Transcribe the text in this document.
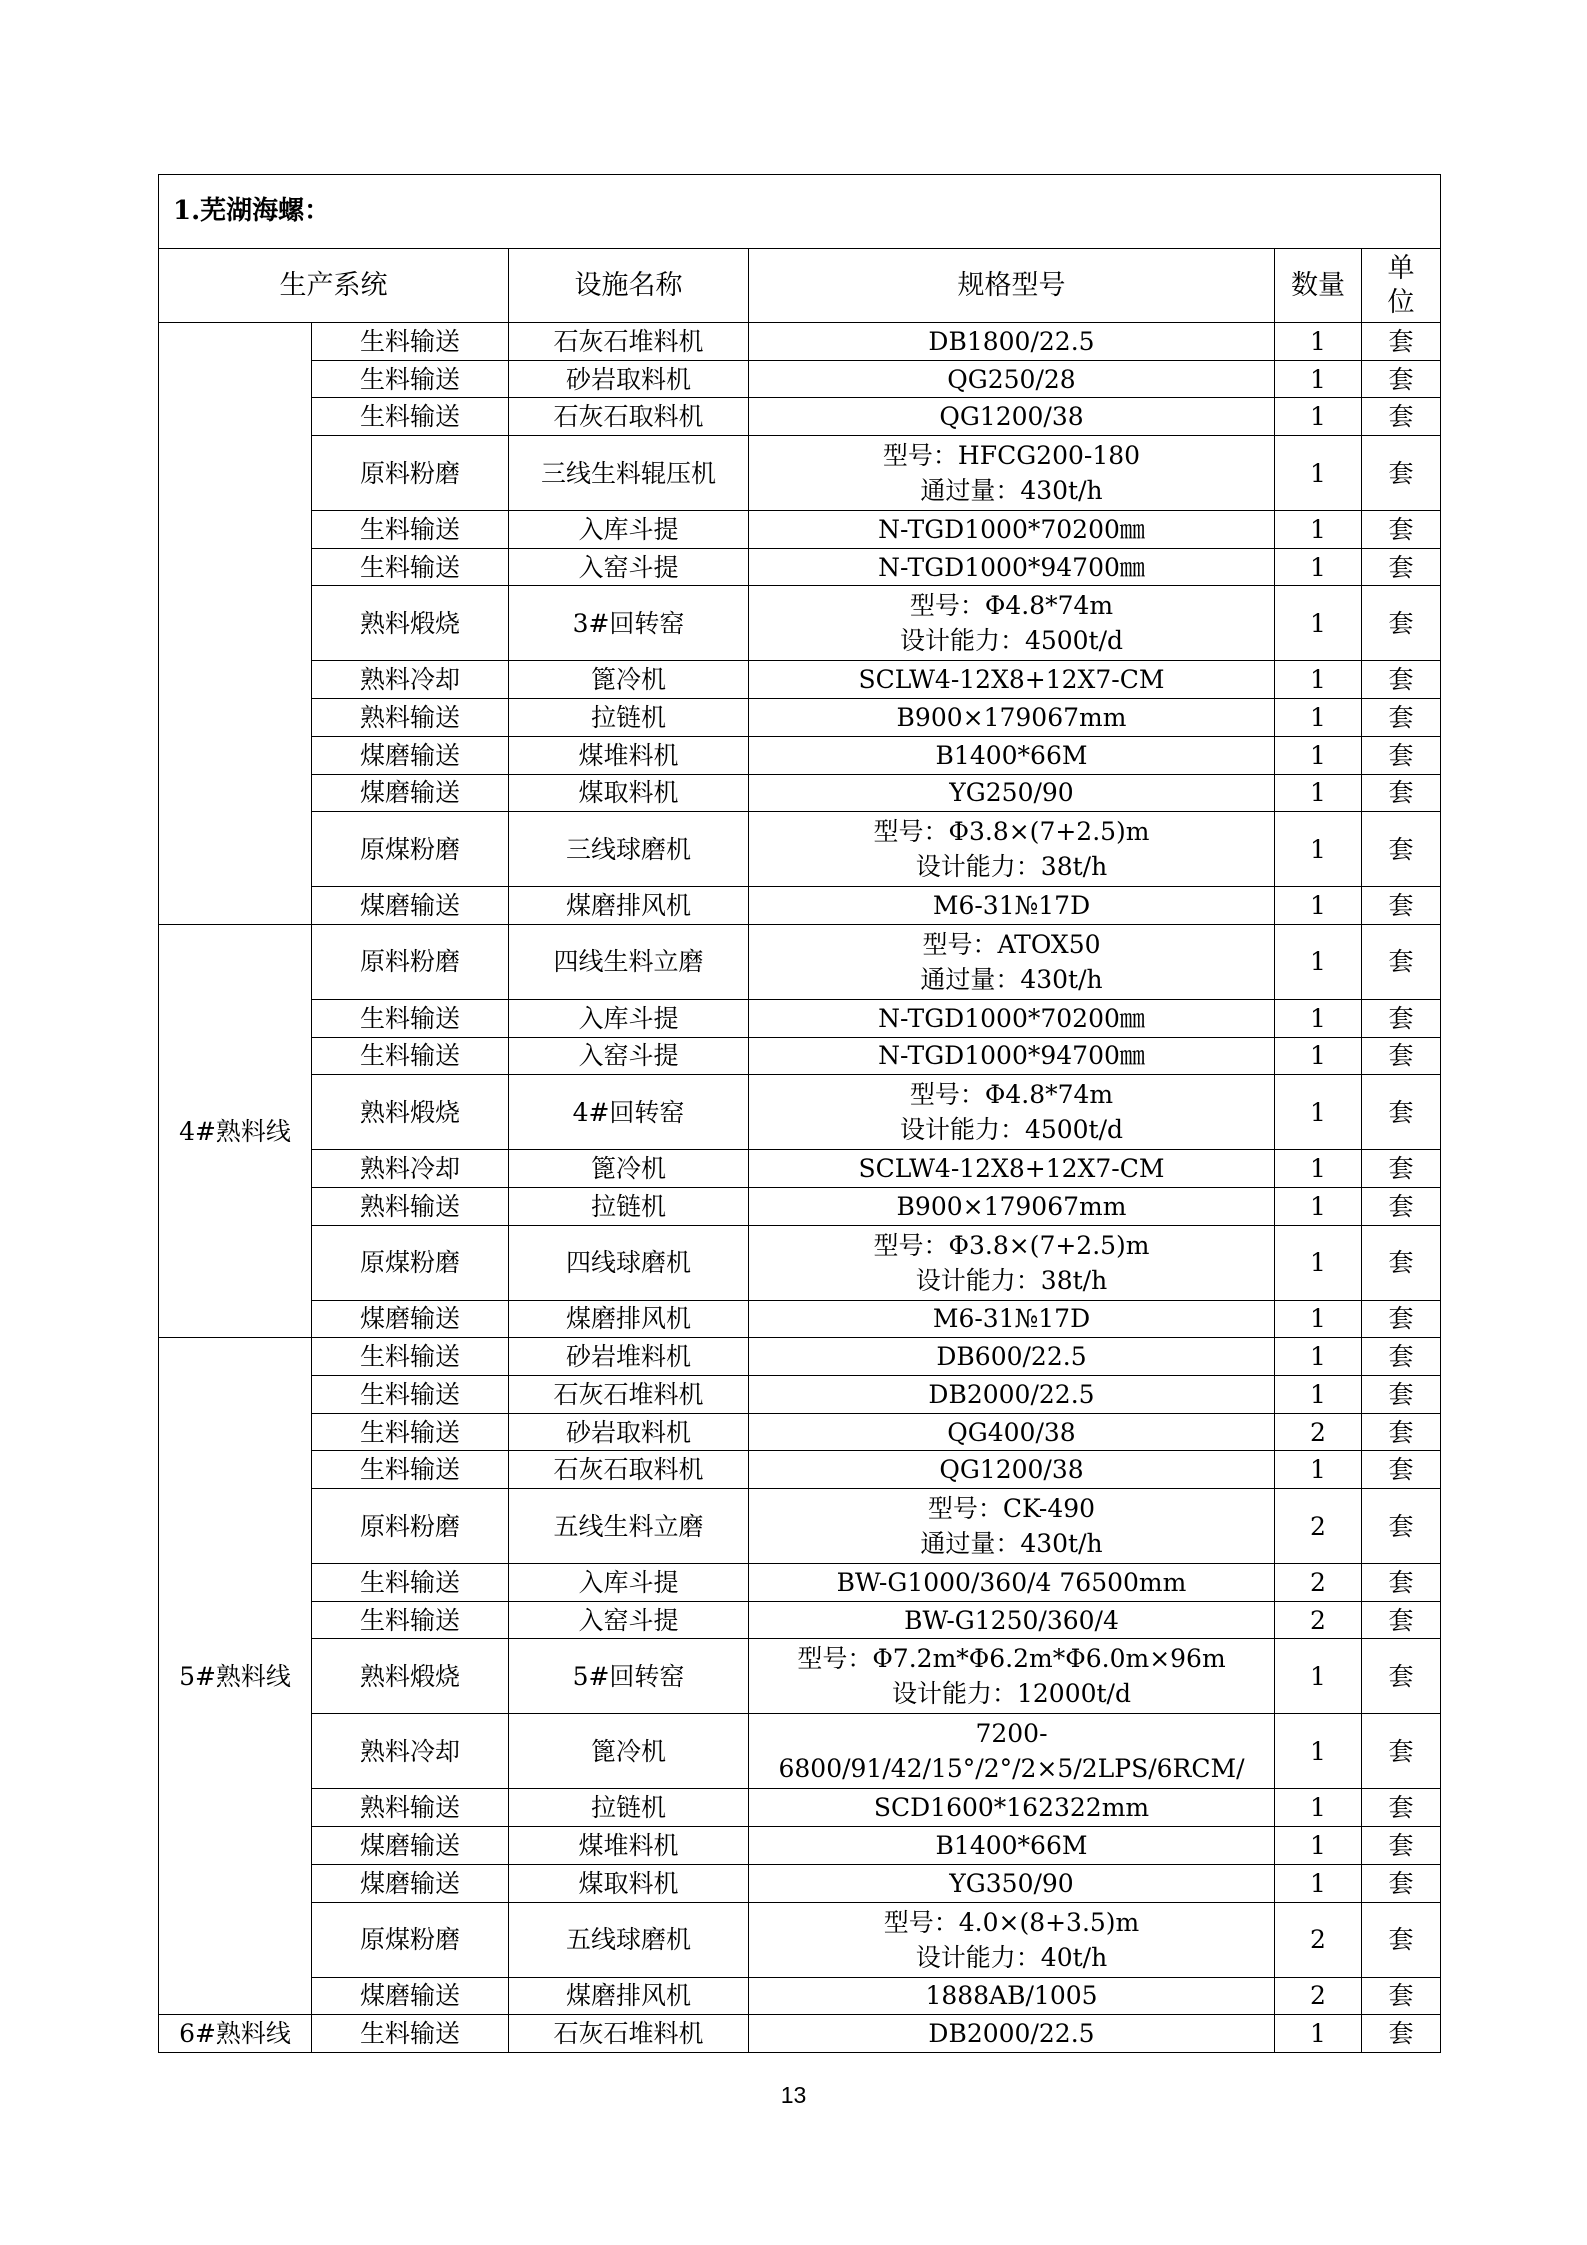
1.芜湖海螺：					
生产系统		设施名称	规格型号	数量	单
位

	生料输送	石灰石堆料机	DB1800/22.5	1	套
	生料输送	砂岩取料机	QG250/28	1	套
	生料输送	石灰石取料机	QG1200/38	1	套
	原料粉磨	三线生料辊压机	型号：HFCG200-180
通过量：430t/h	1	套
	生料输送	入库斗提	N-TGD1000*70200㎜	1	套
	生料输送	入窑斗提	N-TGD1000*94700㎜	1	套
	熟料煅烧	3#回转窑	型号：Φ4.8*74m
设计能力：4500t/d	1	套
	熟料冷却	篦冷机	SCLW4-12X8+12X7-CM	1	套
	熟料输送	拉链机	B900×179067mm	1	套
	煤磨输送	煤堆料机	B1400*66M	1	套
	煤磨输送	煤取料机	YG250/90	1	套
	原煤粉磨	三线球磨机	型号：Φ3.8×(7+2.5)m
设计能力：38t/h	1	套
	煤磨输送	煤磨排风机	M6-31№17D	1	套
4#熟料线	原料粉磨	四线生料立磨	型号：ATOX50
通过量：430t/h	1	套
	生料输送	入库斗提	N-TGD1000*70200㎜	1	套
	生料输送	入窑斗提	N-TGD1000*94700㎜	1	套
	熟料煅烧	4#回转窑	型号：Φ4.8*74m
设计能力：4500t/d	1	套
	熟料冷却	篦冷机	SCLW4-12X8+12X7-CM	1	套
	熟料输送	拉链机	B900×179067mm	1	套
	原煤粉磨	四线球磨机	型号：Φ3.8×(7+2.5)m
设计能力：38t/h	1	套
	煤磨输送	煤磨排风机	M6-31№17D	1	套
5#熟料线	生料输送	砂岩堆料机	DB600/22.5	1	套
	生料输送	石灰石堆料机	DB2000/22.5	1	套
	生料输送	砂岩取料机	QG400/38	2	套
	生料输送	石灰石取料机	QG1200/38	1	套
	原料粉磨	五线生料立磨	型号：CK-490
通过量：430t/h	2	套
	生料输送	入库斗提	BW-G1000/360/4 76500mm	2	套
	生料输送	入窑斗提	BW-G1250/360/4	2	套
	熟料煅烧	5#回转窑	型号：Φ7.2m*Φ6.2m*Φ6.0m×96m
设计能力：12000t/d	1	套
	熟料冷却	篦冷机	7200-6800/91/42/15°/2°/2×5/2LPS/6RCM/	1	套
	熟料输送	拉链机	SCD1600*162322mm	1	套
	煤磨输送	煤堆料机	B1400*66M	1	套
	煤磨输送	煤取料机	YG350/90	1	套
	原煤粉磨	五线球磨机	型号：4.0×(8+3.5)m
设计能力：40t/h	2	套
	煤磨输送	煤磨排风机	1888AB/1005	2	套
6#熟料线	生料输送	石灰石堆料机	DB2000/22.5	1	套
13
